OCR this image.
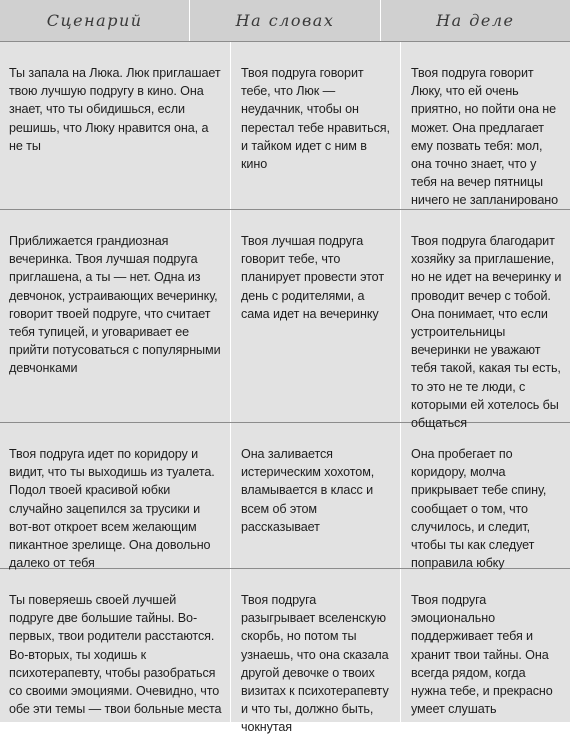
Сценарий	На словах	На деле
Ты запала на Люка. Люк приглашает твою лучшую подругу в кино. Она знает, что ты обидишься, если решишь, что Люку нравится она, а не ты
Твоя подруга говорит тебе, что Люк — неудачник, чтобы он перестал тебе нравиться, и тайком идет с ним в кино
Твоя подруга говорит Люку, что ей очень приятно, но пойти она не может. Она предлагает ему позвать тебя: мол, она точно знает, что у тебя на вечер пятницы ничего не запланировано
Приближается грандиозная вечеринка. Твоя лучшая подруга приглашена, а ты — нет. Одна из девчонок, устраивающих вечеринку, говорит твоей подруге, что считает тебя тупицей, и уговаривает ее прийти потусоваться с популярными девчонками
Твоя лучшая подруга говорит тебе, что планирует провести этот день с родителями, а сама идет на вечеринку
Твоя подруга благодарит хозяйку за приглашение, но не идет на вечеринку и проводит вечер с тобой. Она понимает, что если устроительницы вечеринки не уважают тебя такой, какая ты есть, то это не те люди, с которыми ей хотелось бы общаться
Твоя подруга идет по коридору и видит, что ты выходишь из туалета. Подол твоей красивой юбки случайно зацепился за трусики и вот-вот откроет всем желающим пикантное зрелище. Она довольно далеко от тебя
Она заливается истерическим хохотом, вламывается в класс и всем об этом рассказывает
Она пробегает по коридору, молча прикрывает тебе спину, сообщает о том, что случилось, и следит, чтобы ты как следует поправила юбку
Ты поверяешь своей лучшей подруге две большие тайны. Во-первых, твои родители расстаются. Во-вторых, ты ходишь к психотерапевту, чтобы разобраться со своими эмоциями. Очевидно, что обе эти темы — твои больные места
Твоя подруга разыгрывает вселенскую скорбь, но потом ты узнаешь, что она сказала другой девочке о твоих визитах к психотерапевту и что ты, должно быть, чокнутая
Твоя подруга эмоционально поддерживает тебя и хранит твои тайны. Она всегда рядом, когда нужна тебе, и прекрасно умеет слушать
